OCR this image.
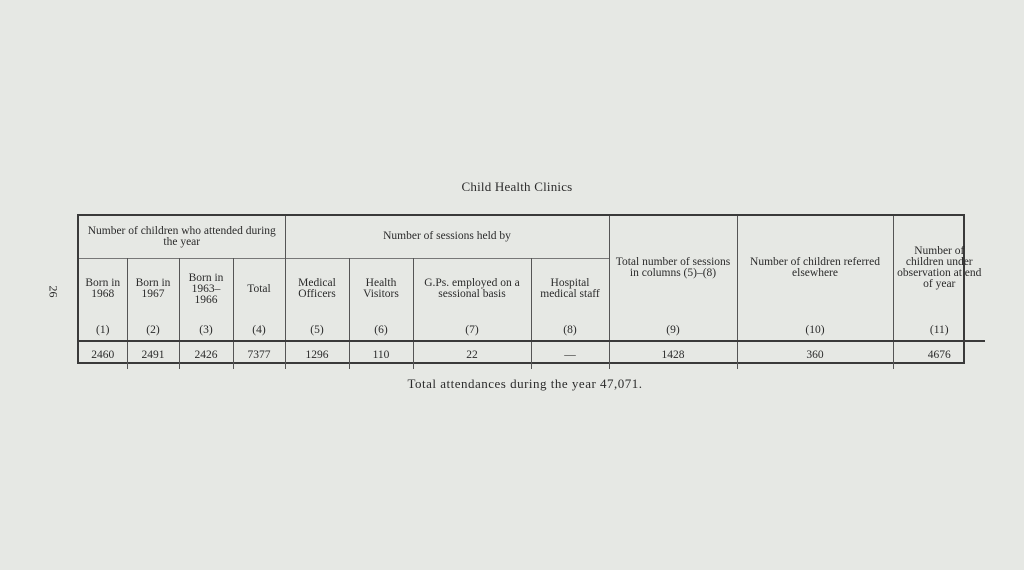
26
Child Health Clinics
Number of children who attended during the year				Number of sessions held by				Total number of sessions in columns (5)–(8)	Number of children referred elsewhere	Number of children under observation at end of year
Born in 1968	Born in 1967	Born in 1963– 1966	Total	Medical Officers	Health Visitors	G.Ps. employed on a sessional basis	Hospital medical staff			
(1)	(2)	(3)	(4)	(5)	(6)	(7)	(8)	(9)	(10)	(11)
2460	2491	2426	7377	1296	110	22	—	1428	360	4676
Total attendances during the year 47,071.
